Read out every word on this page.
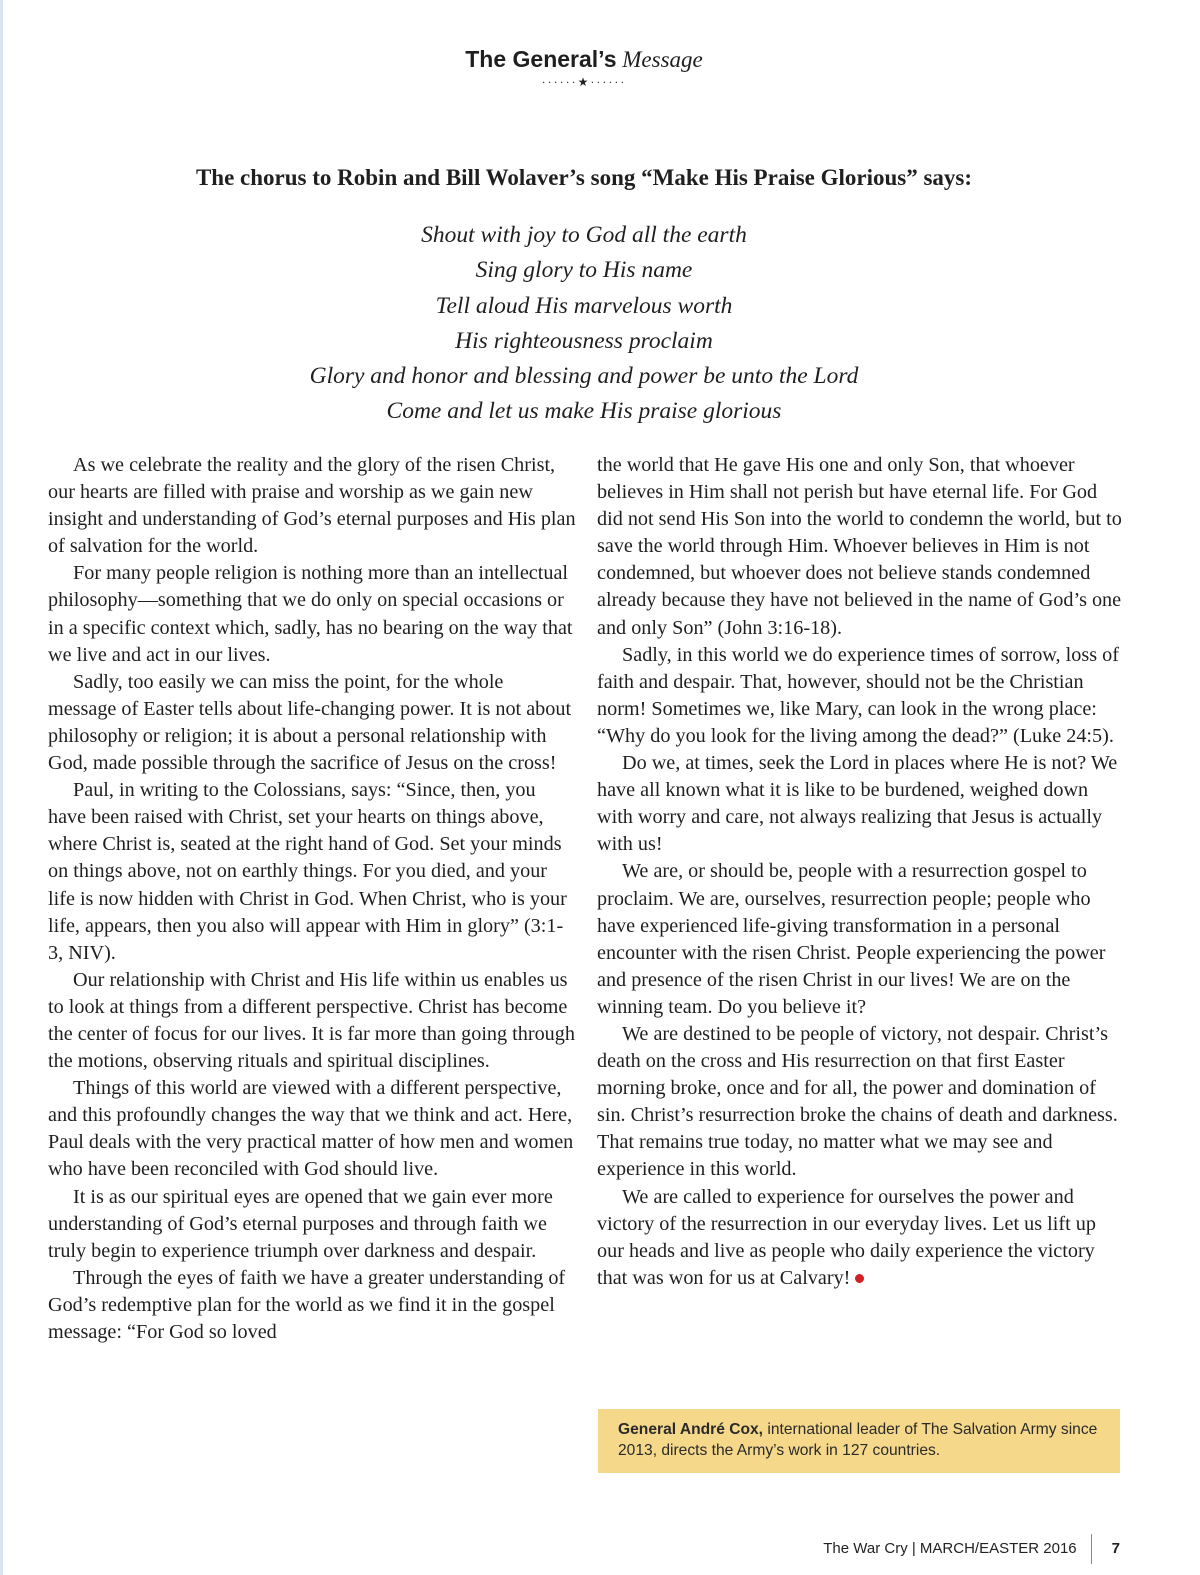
The General’s Message
······★······
The chorus to Robin and Bill Wolaver’s song “Make His Praise Glorious” says:
Shout with joy to God all the earth
Sing glory to His name
Tell aloud His marvelous worth
His righteousness proclaim
Glory and honor and blessing and power be unto the Lord
Come and let us make His praise glorious

As we celebrate the reality and the glory of the risen Christ, our hearts are filled with praise and worship as we gain new insight and understanding of God’s eternal purposes and His plan of salvation for the world.

For many people religion is nothing more than an intellectual philosophy—something that we do only on special occasions or in a specific context which, sadly, has no bearing on the way that we live and act in our lives.

Sadly, too easily we can miss the point, for the whole message of Easter tells about life-changing power. It is not about philosophy or religion; it is about a personal relationship with God, made possible through the sacrifice of Jesus on the cross!

Paul, in writing to the Colossians, says: “Since, then, you have been raised with Christ, set your hearts on things above, where Christ is, seated at the right hand of God. Set your minds on things above, not on earthly things. For you died, and your life is now hidden with Christ in God. When Christ, who is your life, appears, then you also will appear with Him in glory” (3:1-3, NIV).

Our relationship with Christ and His life within us enables us to look at things from a different perspective. Christ has become the center of focus for our lives. It is far more than going through the motions, observing rituals and spiritual disciplines.

Things of this world are viewed with a different perspective, and this profoundly changes the way that we think and act. Here, Paul deals with the very practical matter of how men and women who have been reconciled with God should live.

It is as our spiritual eyes are opened that we gain ever more understanding of God’s eternal purposes and through faith we truly begin to experience triumph over darkness and despair.

Through the eyes of faith we have a greater understanding of God’s redemptive plan for the world as we find it in the gospel message: “For God so loved

the world that He gave His one and only Son, that whoever believes in Him shall not perish but have eternal life. For God did not send His Son into the world to condemn the world, but to save the world through Him. Whoever believes in Him is not condemned, but whoever does not believe stands condemned already because they have not believed in the name of God’s one and only Son” (John 3:16-18).

Sadly, in this world we do experience times of sorrow, loss of faith and despair. That, however, should not be the Christian norm! Sometimes we, like Mary, can look in the wrong place: “Why do you look for the living among the dead?” (Luke 24:5).

Do we, at times, seek the Lord in places where He is not? We have all known what it is like to be burdened, weighed down with worry and care, not always realizing that Jesus is actually with us!

We are, or should be, people with a resurrection gospel to proclaim. We are, ourselves, resurrection people; people who have experienced life-giving transformation in a personal encounter with the risen Christ. People experiencing the power and presence of the risen Christ in our lives! We are on the winning team. Do you believe it?

We are destined to be people of victory, not despair. Christ’s death on the cross and His resurrection on that first Easter morning broke, once and for all, the power and domination of sin. Christ’s resurrection broke the chains of death and darkness. That remains true today, no matter what we may see and experience in this world.

We are called to experience for ourselves the power and victory of the resurrection in our everyday lives. Let us lift up our heads and live as people who daily experience the victory that was won for us at Calvary!

General André Cox, international leader of The Salvation Army since 2013, directs the Army’s work in 127 countries.
The War Cry | MARCH/EASTER 2016 7
